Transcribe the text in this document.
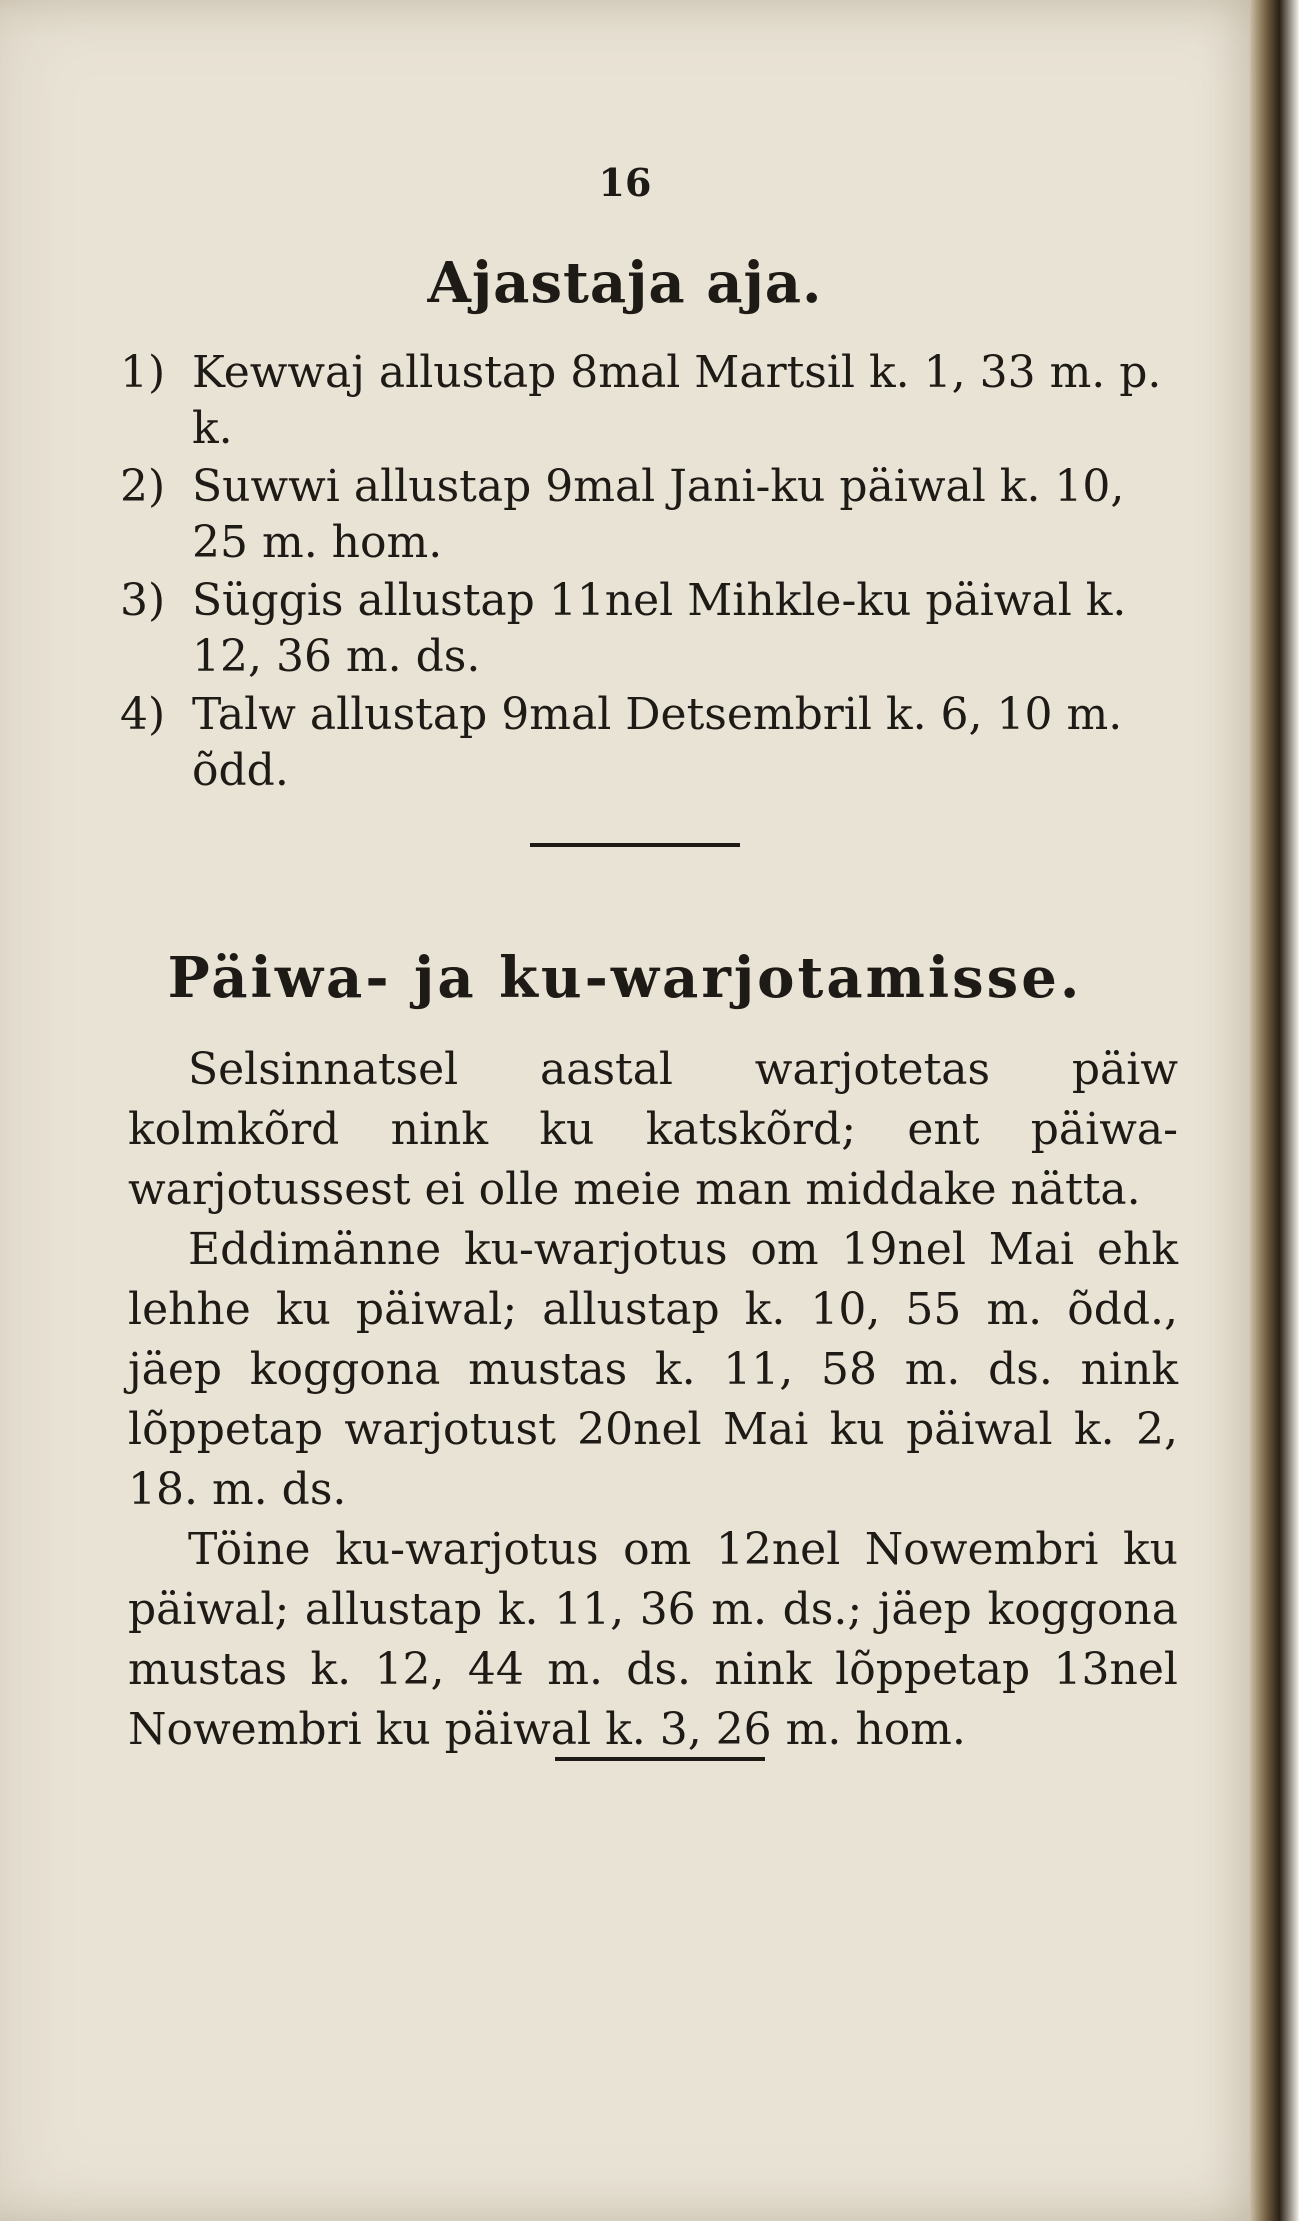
16
Ajastaja aja.
1) Kewwaj allustap 8mal Martsil k. 1, 33 m. p. k.
2) Suwwi allustap 9mal Jani-ku päiwal k. 10, 25 m. hom.
3) Süggis allustap 11nel Mihkle-ku päiwal k. 12, 36 m. ds.
4) Talw allustap 9mal Detsembril k. 6, 10 m. õdd.
Päiwa- ja ku-warjotamisse.

Selsinnatsel aastal warjotetas päiw kolmkõrd nink ku katskõrd; ent päiwa-warjotussest ei olle meie man middake nätta.

Eddimänne ku-warjotus om 19nel Mai ehk lehhe ku päiwal; allustap k. 10, 55 m. õdd., jäep koggona mustas k. 11, 58 m. ds. nink lõppetap warjotust 20nel Mai ku päiwal k. 2, 18. m. ds.

Töine ku-warjotus om 12nel Nowembri ku päiwal; allustap k. 11, 36 m. ds.; jäep koggona mustas k. 12, 44 m. ds. nink lõppetap 13nel Nowembri ku päiwal k. 3, 26 m. hom.
